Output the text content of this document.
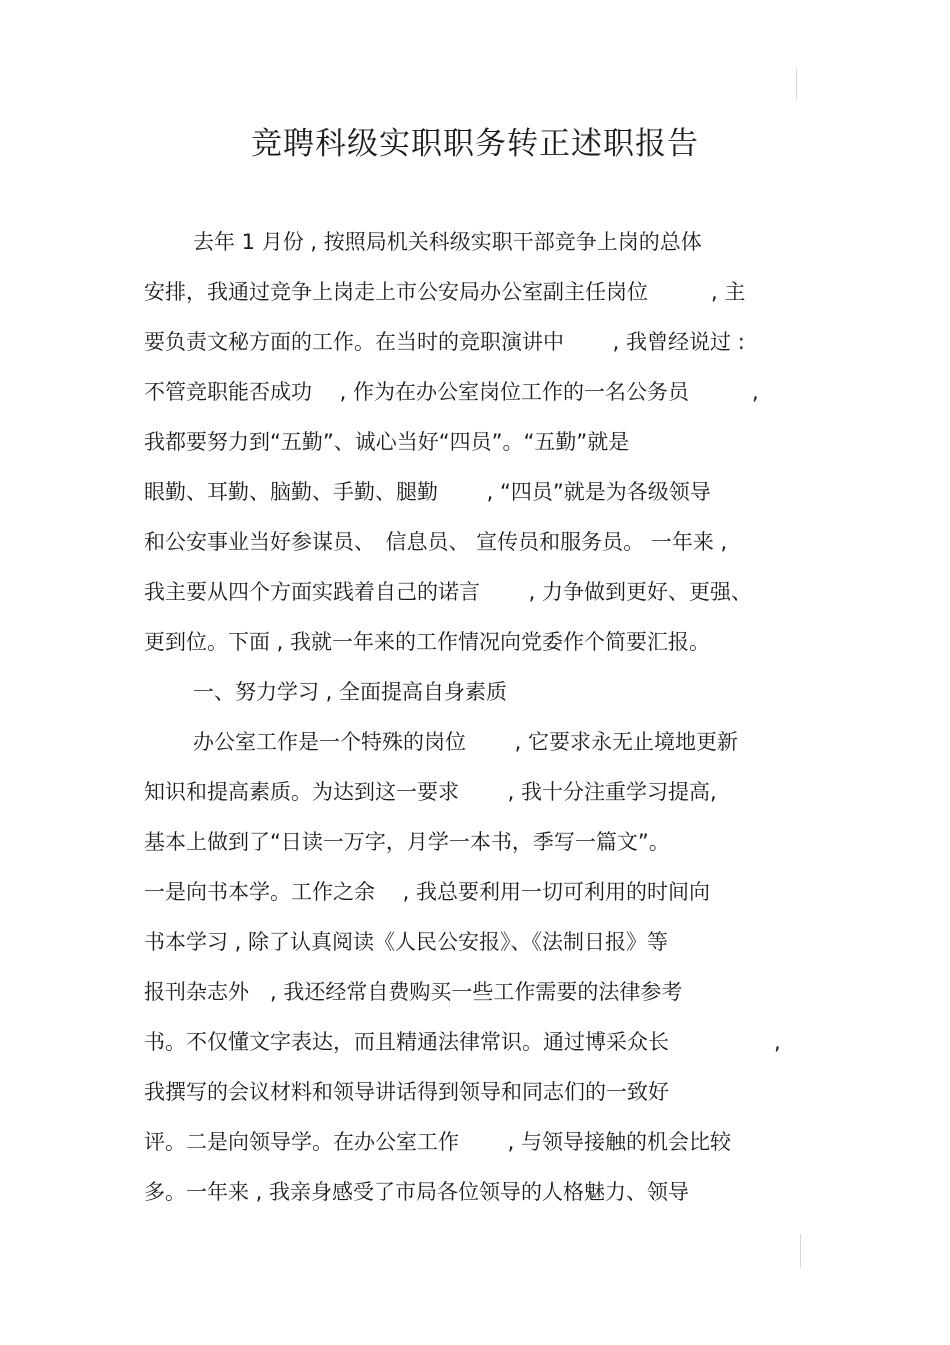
竞聘科级实职职务转正述职报告
去年 1 月份 , 按照局机关科级实职干部竞争上岗的总体
安排，我通过竞争上岗走上市公安局办公室副主任岗位　　　, 主
要负责文秘方面的工作。在当时的竞职演讲中　　 , 我曾经说过 :
不管竞职能否成功　 , 作为在办公室岗位工作的一名公务员　　　,
我都要努力到“五勤”、诚心当好“四员”。“五勤”就是
眼勤、耳勤、脑勤、手勤、腿勤　　 , “四员”就是为各级领导
和公安事业当好参谋员、　信息员、 宣传员和服务员。 一年来 ,
我主要从四个方面实践着自己的诺言　　 , 力争做到更好、更强、
更到位。下面 , 我就一年来的工作情况向党委作个简要汇报。
一、努力学习 , 全面提高自身素质
办公室工作是一个特殊的岗位　　 , 它要求永无止境地更新
知识和提高素质。为达到这一要求　　 , 我十分注重学习提高,
基本上做到了“日读一万字，月学一本书，季写一篇文”。
一是向书本学。工作之余　 , 我总要利用一切可利用的时间向
书本学习 , 除了认真阅读《人民公安报》、《法制日报》等
报刊杂志外　, 我还经常自费购买一些工作需要的法律参考
书。不仅懂文字表达，而且精通法律常识。通过博采众长　　　　　,
我撰写的会议材料和领导讲话得到领导和同志们的一致好
评。二是向领导学。在办公室工作　　 , 与领导接触的机会比较
多。一年来 , 我亲身感受了市局各位领导的人格魅力、领导
